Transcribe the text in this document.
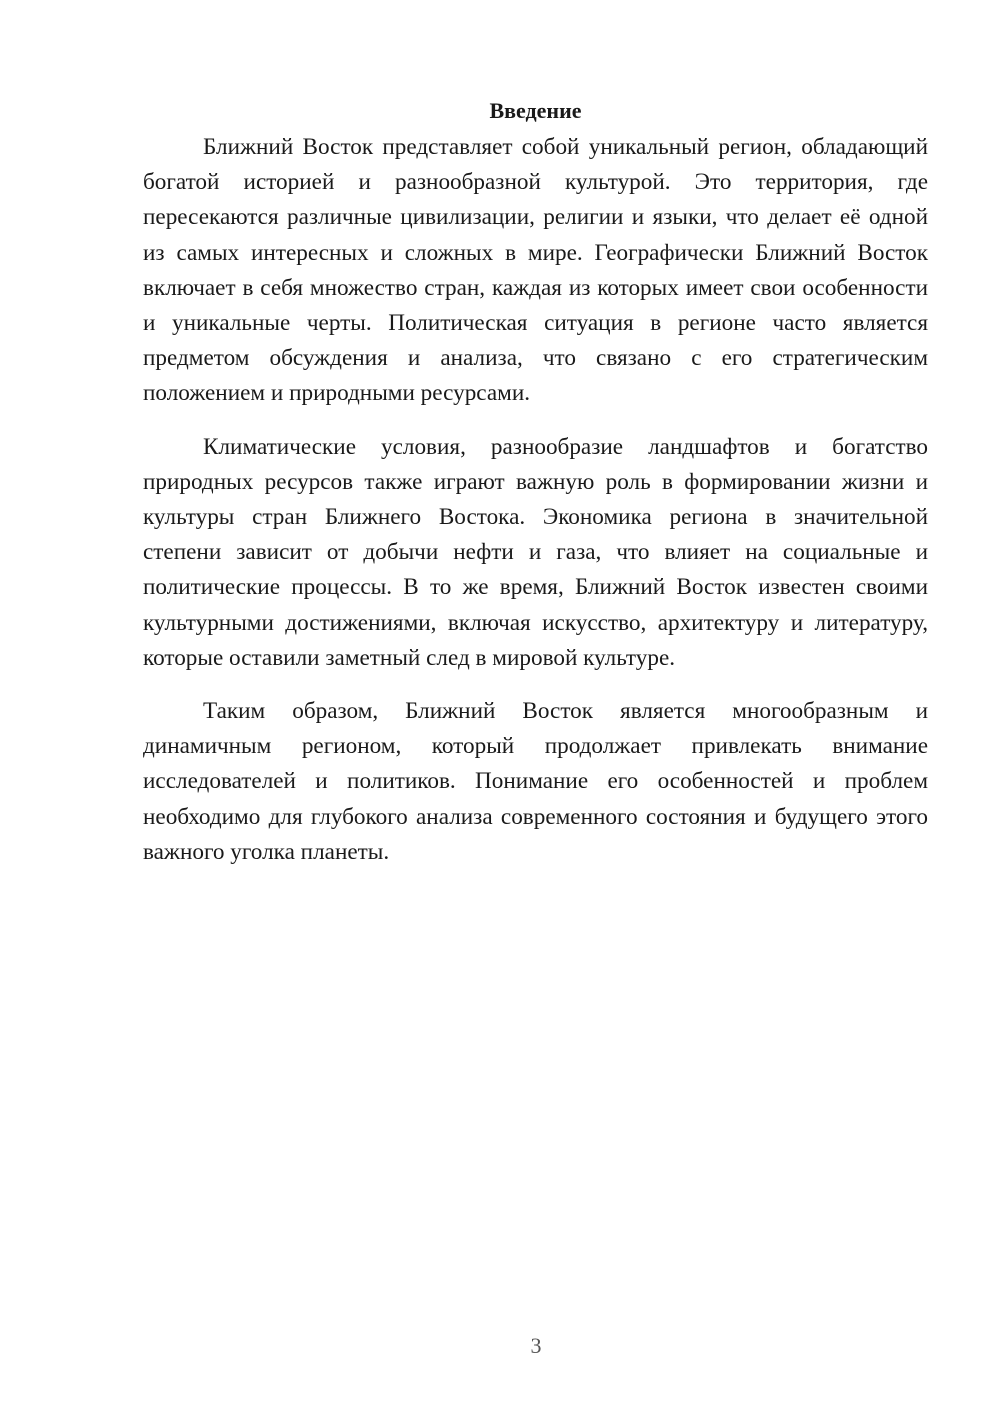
Введение

Ближний Восток представляет собой уникальный регион, обладающий богатой историей и разнообразной культурой. Это территория, где пересекаются различные цивилизации, религии и языки, что делает её одной из самых интересных и сложных в мире. Географически Ближний Восток включает в себя множество стран, каждая из которых имеет свои особенности и уникальные черты. Политическая ситуация в регионе часто является предметом обсуждения и анализа, что связано с его стратегическим положением и природными ресурсами.

Климатические условия, разнообразие ландшафтов и богатство природных ресурсов также играют важную роль в формировании жизни и культуры стран Ближнего Востока. Экономика региона в значительной степени зависит от добычи нефти и газа, что влияет на социальные и политические процессы. В то же время, Ближний Восток известен своими культурными достижениями, включая искусство, архитектуру и литературу, которые оставили заметный след в мировой культуре.

Таким образом, Ближний Восток является многообразным и динамичным регионом, который продолжает привлекать внимание исследователей и политиков. Понимание его особенностей и проблем необходимо для глубокого анализа современного состояния и будущего этого важного уголка планеты.

3
